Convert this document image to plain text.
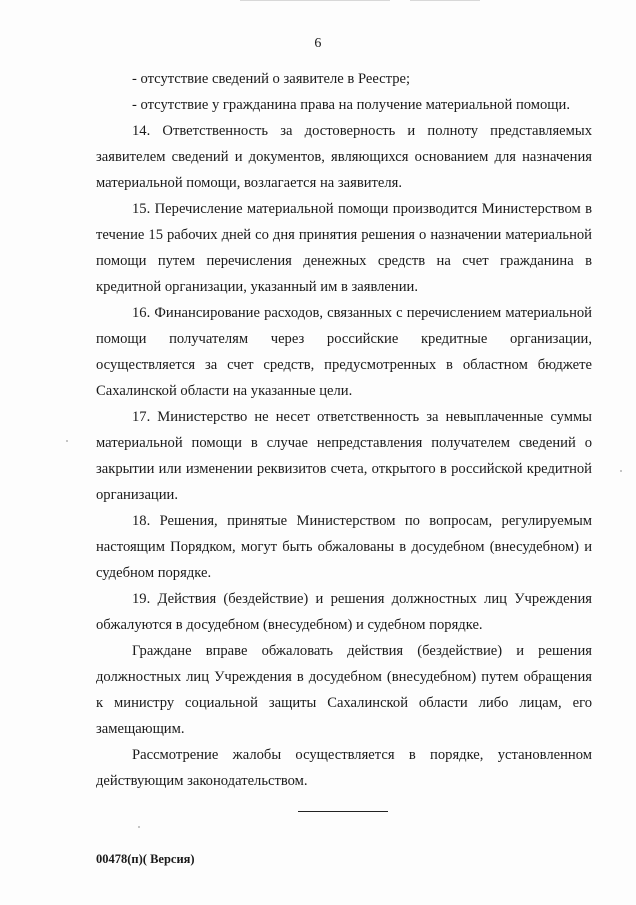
6

- отсутствие сведений о заявителе в Реестре;

- отсутствие у гражданина права на получение материальной помощи.

14. Ответственность за достоверность и полноту представляемых заявителем сведений и документов, являющихся основанием для назначения материальной помощи, возлагается на заявителя.

15. Перечисление материальной помощи производится Министерством в течение 15 рабочих дней со дня принятия решения о назначении материальной помощи путем перечисления денежных средств на счет гражданина в кредитной организации, указанный им в заявлении.

16. Финансирование расходов, связанных с перечислением материальной помощи получателям через российские кредитные организации, осуществляется за счет средств, предусмотренных в областном бюджете Сахалинской области на указанные цели.

17. Министерство не несет ответственность за невыплаченные суммы материальной помощи в случае непредставления получателем сведений о закрытии или изменении реквизитов счета, открытого в российской кредитной организации.

18. Решения, принятые Министерством по вопросам, регулируемым настоящим Порядком, могут быть обжалованы в досудебном (внесудебном) и судебном порядке.

19. Действия (бездействие) и решения должностных лиц Учреждения обжалуются в досудебном (внесудебном) и судебном порядке.

Граждане вправе обжаловать действия (бездействие) и решения должностных лиц Учреждения в досудебном (внесудебном) путем обращения к министру социальной защиты Сахалинской области либо лицам, его замещающим.

Рассмотрение жалобы осуществляется в порядке, установленном действующим законодательством.

00478(п)( Версия)
